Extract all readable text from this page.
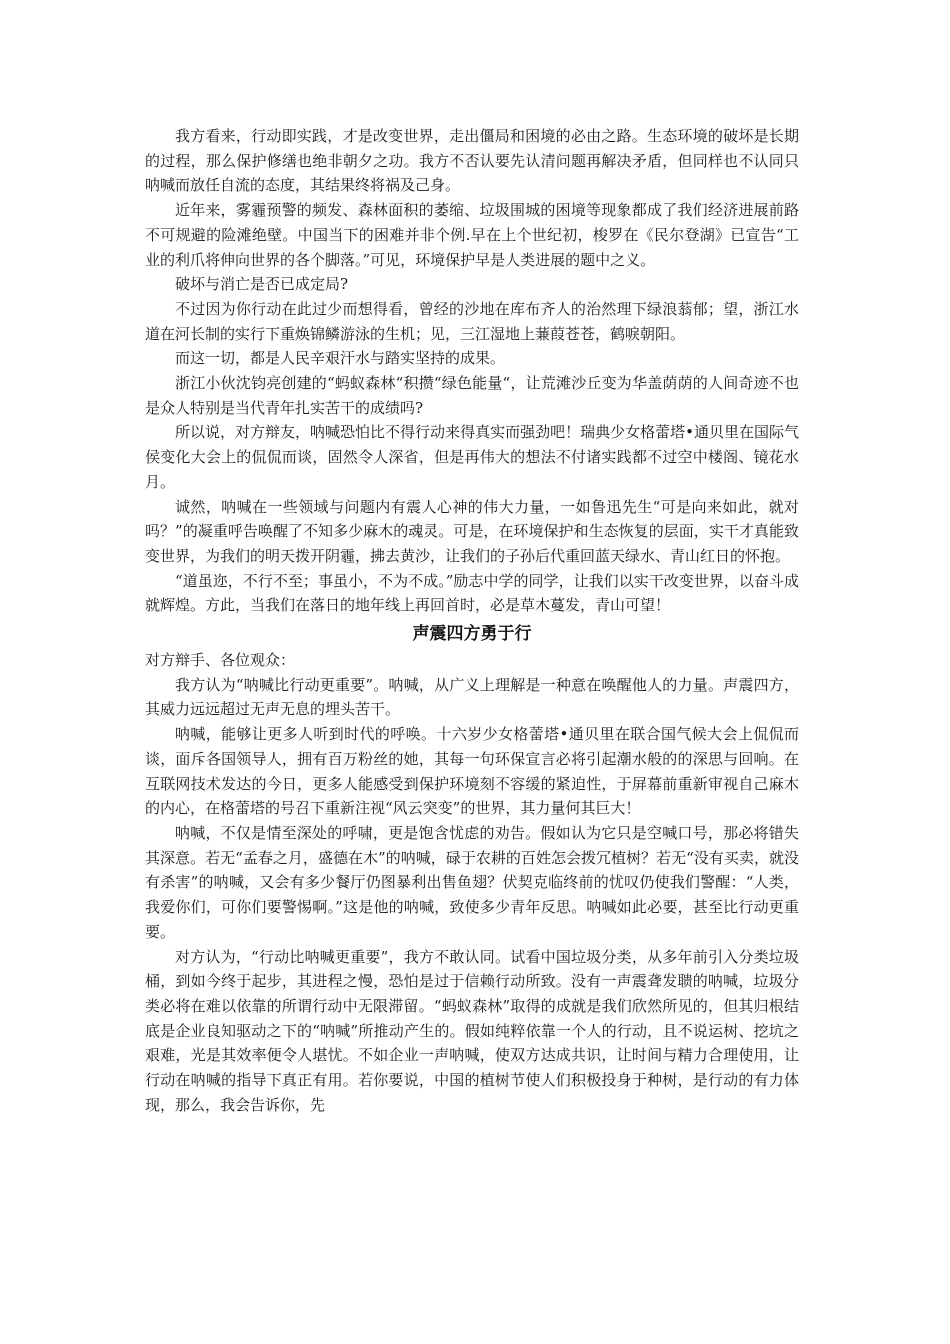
我方看来，行动即实践，才是改变世界，走出僵局和困境的必由之路。生态环境的破坏是长期的过程，那么保护修缮也绝非朝夕之功。我方不否认要先认清问题再解决矛盾，但同样也不认同只呐喊而放任自流的态度，其结果终将祸及己身。

近年来，雾霾预警的频发、森林面积的萎缩、垃圾围城的困境等现象都成了我们经济进展前路不可规避的险滩绝壁。中国当下的困难并非个例.早在上个世纪初，梭罗在《民尔登湖》已宣告“工业的利爪将伸向世界的各个脚落。”可见，环境保护早是人类进展的题中之义。

破坏与消亡是否已成定局?

不过因为你行动在此过少而想得看，曾经的沙地在库布齐人的治然理下绿浪蓊郁；望，浙江水道在河长制的实行下重焕锦鳞游泳的生机；见，三江湿地上蒹葭苍苍，鹤唳朝阳。

而这一切，都是人民辛艰汗水与踏实坚持的成果。

浙江小伙沈钧亮创建的“蚂蚁森林“积攒“绿色能量“，让荒滩沙丘变为华盖荫荫的人间奇迹不也是众人特别是当代青年扎实苦干的成绩吗?

所以说，对方辩友，呐喊恐怕比不得行动来得真实而强劲吧！瑞典少女格蕾塔•通贝里在国际气侯变化大会上的侃侃而谈，固然令人深省，但是再伟大的想法不付诸实践都不过空中楼阁、镜花水月。

诚然，呐喊在一些领域与问题内有震人心神的伟大力量，一如鲁迅先生“可是向来如此，就对吗？”的凝重呼告唤醒了不知多少麻木的魂灵。可是，在环境保护和生态恢复的层面，实干才真能致变世界，为我们的明天拨开阴霾，拂去黄沙，让我们的子孙后代重回蓝天绿水、青山红日的怀抱。

“道虽迩，不行不至；事虽小，不为不成。”励志中学的同学，让我们以实干改变世界，以奋斗成就辉煌。方此，当我们在落日的地年线上再回首时，必是草木蔓发，青山可望！

声震四方勇于行

对方辩手、各位观众：

我方认为“呐喊比行动更重要”。呐喊，从广义上理解是一种意在唤醒他人的力量。声震四方，其威力远远超过无声无息的埋头苦干。

呐喊，能够让更多人听到时代的呼唤。十六岁少女格蕾塔•通贝里在联合国气候大会上侃侃而谈，面斥各国领导人，拥有百万粉丝的她，其每一句环保宣言必将引起潮水般的的深思与回响。在互联网技术发达的今日，更多人能感受到保护环境刻不容缓的紧迫性，于屏幕前重新审视自己麻木的内心，在格蕾塔的号召下重新注视“风云突变”的世界，其力量何其巨大！

呐喊，不仅是情至深处的呼啸，更是饱含忧虑的劝告。假如认为它只是空喊口号，那必将错失其深意。若无“孟春之月，盛德在木”的呐喊，碌于农耕的百姓怎会拨冗植树？若无“没有买卖，就没有杀害”的呐喊，又会有多少餐厅仍图暴利出售鱼翅？伏契克临终前的忧叹仍使我们警醒：“人类，我爱你们，可你们要警惕啊。”这是他的呐喊，致使多少青年反思。呐喊如此必要，甚至比行动更重要。

对方认为，“行动比呐喊更重要”，我方不敢认同。试看中国垃圾分类，从多年前引入分类垃圾桶，到如今终于起步，其进程之慢，恐怕是过于信赖行动所致。没有一声震聋发聩的呐喊，垃圾分类必将在难以依靠的所谓行动中无限滞留。“蚂蚁森林”取得的成就是我们欣然所见的，但其归根结底是企业良知驱动之下的“呐喊”所推动产生的。假如纯粹依靠一个人的行动，且不说运树、挖坑之艰难，光是其效率便令人堪忧。不如企业一声呐喊，使双方达成共识，让时间与精力合理使用，让行动在呐喊的指导下真正有用。若你要说，中国的植树节使人们积极投身于种树，是行动的有力体现，那么，我会告诉你，先
